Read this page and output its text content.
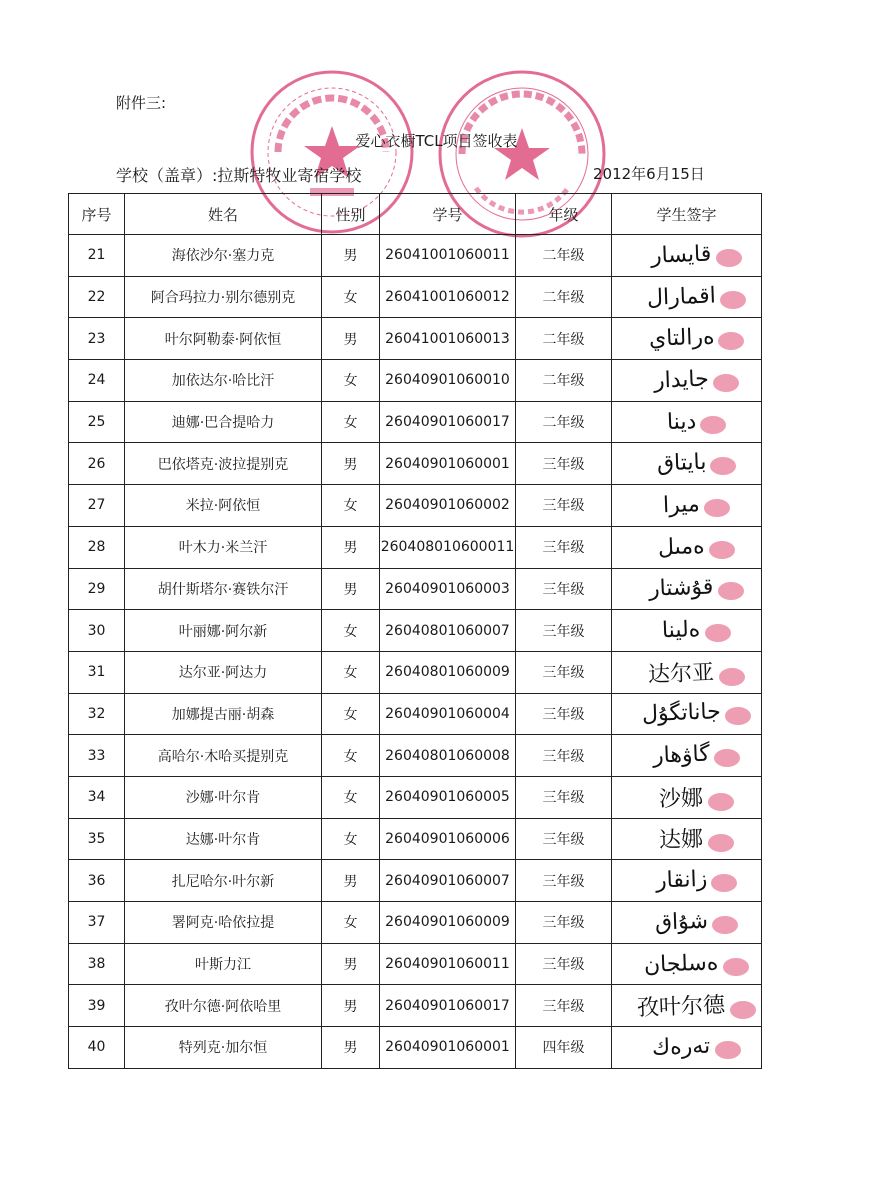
附件三:
爱心衣橱TCL项目签收表
学校（盖章）:拉斯特牧业寄宿学校	2012年6月15日
序号	姓名	性别	学号	年级	学生签字
21	海依沙尔·塞力克	男	26041001060011	二年级	قايسار
22	阿合玛拉力·别尔德别克	女	26041001060012	二年级	اقمارال
23	叶尔阿勒泰·阿依恒	男	26041001060013	二年级	ەرالتاي
24	加依达尔·哈比汗	女	26040901060010	二年级	جايدار
25	迪娜·巴合提哈力	女	26040901060017	二年级	دينا
26	巴依塔克·波拉提别克	男	26040901060001	三年级	بايتاق
27	米拉·阿依恒	女	26040901060002	三年级	ميرا
28	叶木力·米兰汗	男	260408010600011	三年级	ەمىل
29	胡什斯塔尔·赛铁尔汗	男	26040901060003	三年级	قۇشتار
30	叶丽娜·阿尔新	女	26040801060007	三年级	ەلينا
31	达尔亚·阿达力	女	26040801060009	三年级	达尔亚
32	加娜提古丽·胡森	女	26040901060004	三年级	جاناتگۇل
33	高哈尔·木哈买提别克	女	26040801060008	三年级	گاۋھار
34	沙娜·叶尔肯	女	26040901060005	三年级	沙娜
35	达娜·叶尔肯	女	26040901060006	三年级	达娜
36	扎尼哈尔·叶尔新	男	26040901060007	三年级	زانقار
37	署阿克·哈依拉提	女	26040901060009	三年级	شۇاق
38	叶斯力江	男	26040901060011	三年级	ەسلجان
39	孜叶尔德·阿依哈里	男	26040901060017	三年级	孜叶尔德
40	特列克·加尔恒	男	26040901060001	四年级	تەرەك
